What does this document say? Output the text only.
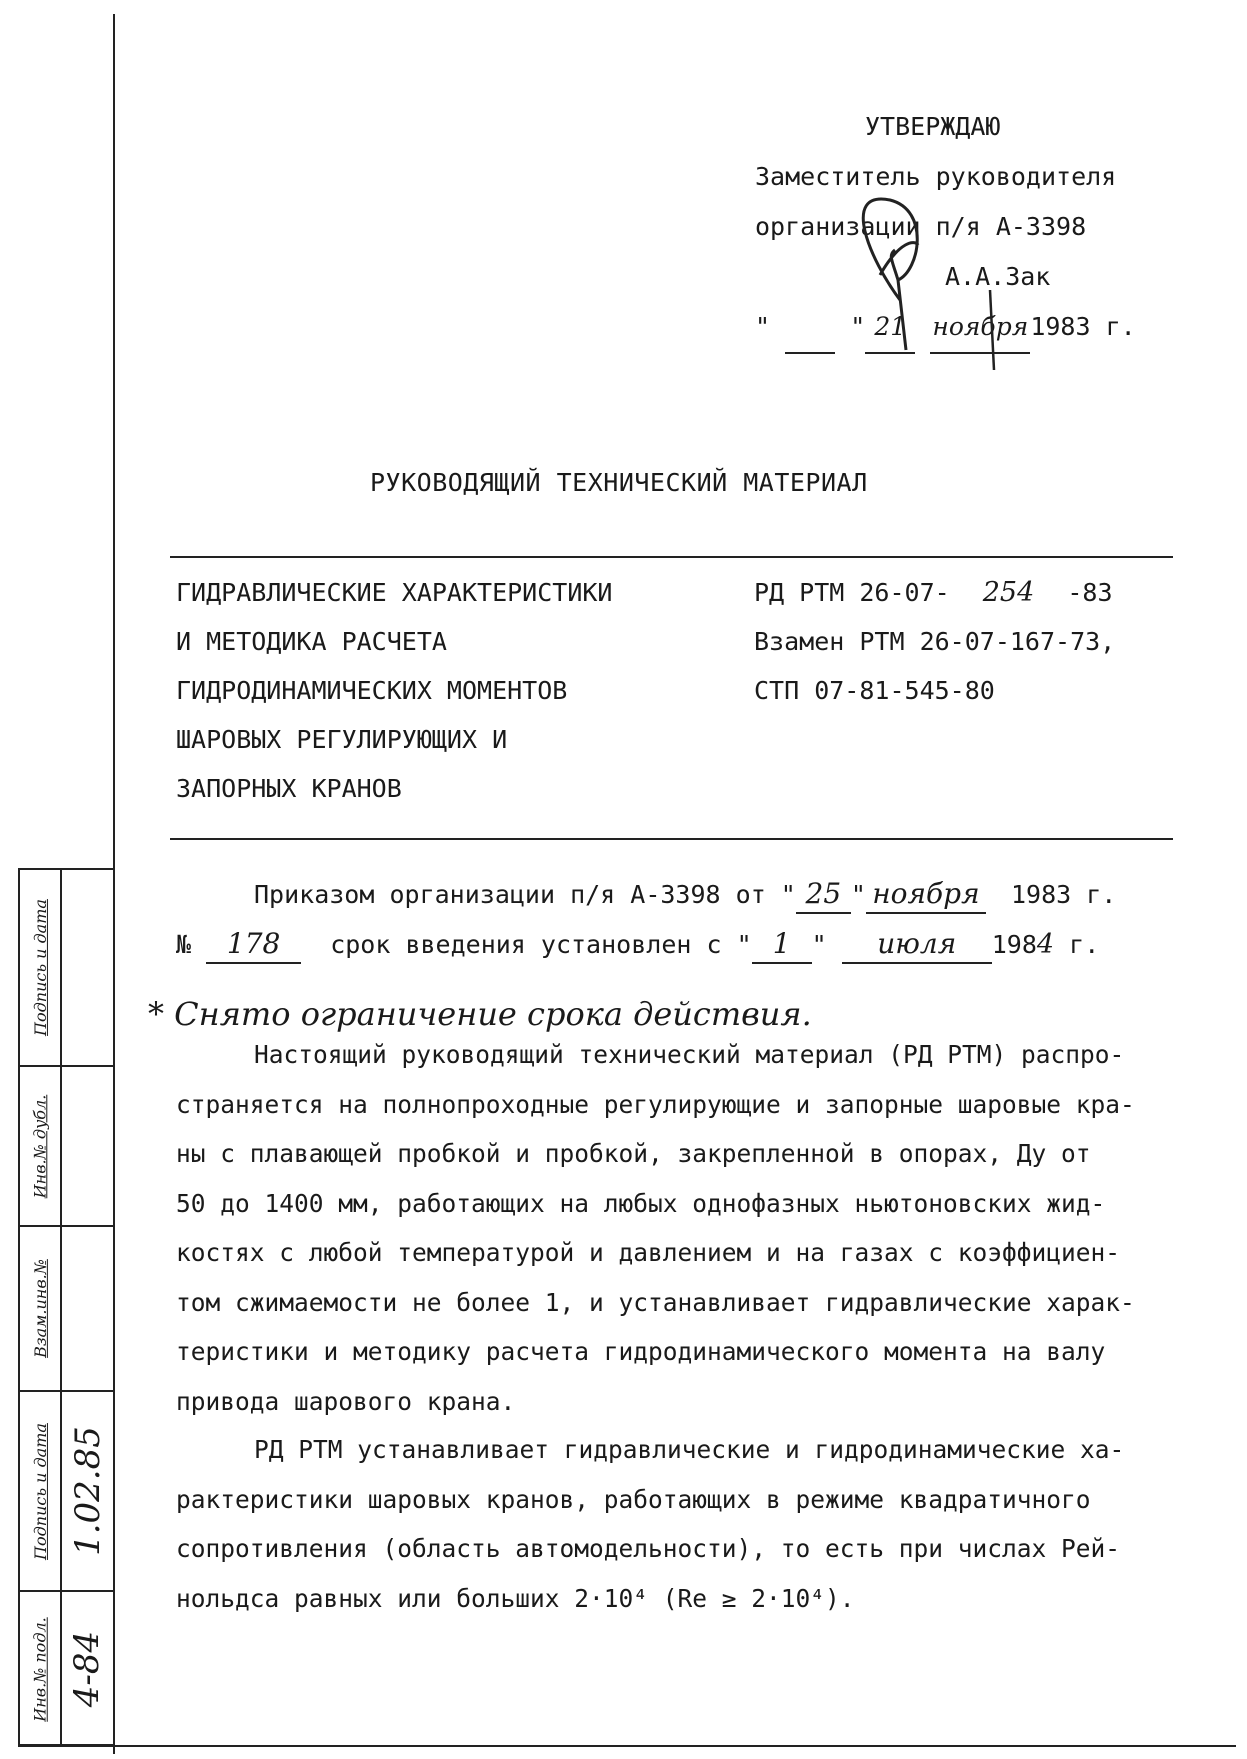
УТВЕРЖДАЮ
Заместитель руководителя
организации п/я А-3398
А.А.Зак
"	" 21 ноября1983 г.
РУКОВОДЯЩИЙ ТЕХНИЧЕСКИЙ МАТЕРИАЛ
ГИДРАВЛИЧЕСКИЕ ХАРАКТЕРИСТИКИ
И МЕТОДИКА РАСЧЕТА
ГИДРОДИНАМИЧЕСКИХ МОМЕНТОВ
ШАРОВЫХ РЕГУЛИРУЮЩИХ И
ЗАПОРНЫХ КРАНОВ
РД РТМ 26-07- 254 -83
Взамен РТМ 26-07-167-73,
СТП 07-81-545-80
Приказом организации п/я А-3398 от " 25 " ноября 1983 г.
№ 178 срок введения установлен с " 1 " июля 1984 г.
* Снято ограничение срока действия.
Настоящий руководящий технический материал (РД РТМ) распро-
страняется на полнопроходные регулирующие и запорные шаровые кра-
ны с плавающей пробкой и пробкой, закрепленной в опорах, Ду от
50 до 1400 мм, работающих на любых однофазных ньютоновских жид-
костях с любой температурой и давлением и на газах с коэффициен-
том сжимаемости не более 1, и устанавливает гидравлические харак-
теристики и методику расчета гидродинамического момента на валу
привода шарового крана.
РД РТМ устанавливает гидравлические и гидродинамические ха-
рактеристики шаровых кранов, работающих в режиме квадратичного
сопротивления (область автомодельности), то есть при числах Рей-
нольдса равных или больших 2·10⁴ (Re ≥ 2·10⁴).
Подпись и дата
Инв.№ дубл.
Взам.инв.№
Подпись и дата
Инв.№ подл.
1.02.85
4-84
